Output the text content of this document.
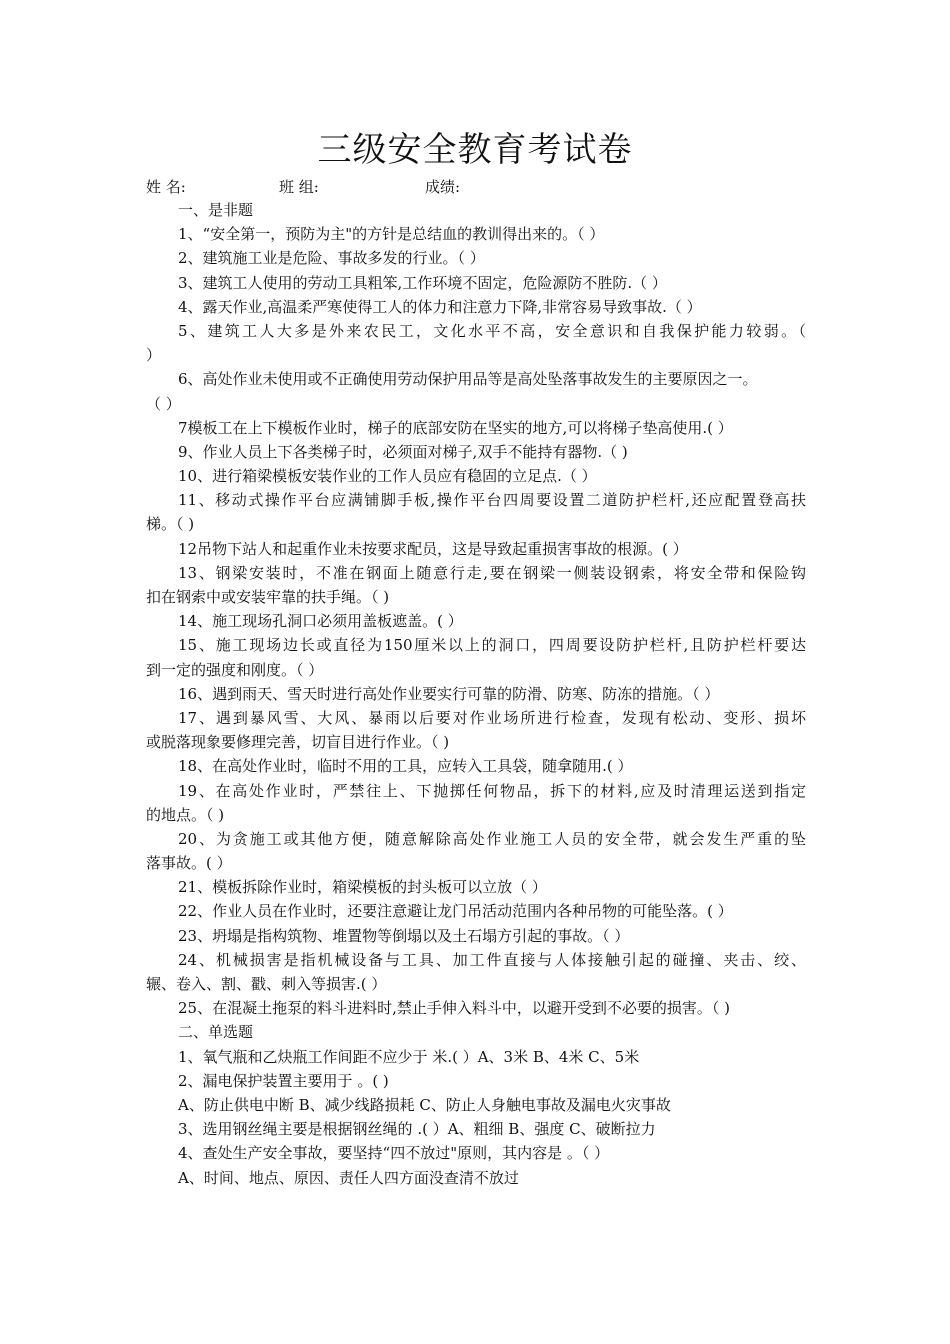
三级安全教育考试卷
姓 名:	班 组:	成绩:
一、是非题
1、“安全第一，预防为主"的方针是总结血的教训得出来的。（ ）
2、建筑施工业是危险、事故多发的行业。（ ）
3、建筑工人使用的劳动工具粗笨,工作环境不固定，危险源防不胜防.（ ）
4、露天作业,高温柔严寒使得工人的体力和注意力下降,非常容易导致事故.（ ）
5、建筑工人大多是外来农民工，文化水平不高，安全意识和自我保护能力较弱。（
）
6、高处作业未使用或不正确使用劳动保护用品等是高处坠落事故发生的主要原因之一。
（ ）
7模板工在上下模板作业时，梯子的底部安防在坚实的地方,可以将梯子垫高使用.( ）
9、作业人员上下各类梯子时，必须面对梯子,双手不能持有器物.（ )
10、进行箱梁模板安装作业的工作人员应有稳固的立足点.（ ）
11、移动式操作平台应满铺脚手板,操作平台四周要设置二道防护栏杆,还应配置登高扶
梯。（ )
12吊物下站人和起重作业未按要求配员，这是导致起重损害事故的根源。( ）
13、钢梁安装时，不准在钢面上随意行走,要在钢梁一侧装设钢索，将安全带和保险钩
扣在钢索中或安装牢靠的扶手绳。（ )
14、施工现场孔洞口必须用盖板遮盖。( ）
15、施工现场边长或直径为150厘米以上的洞口，四周要设防护栏杆,且防护栏杆要达
到一定的强度和刚度。（ ）
16、遇到雨天、雪天时进行高处作业要实行可靠的防滑、防寒、防冻的措施。（ ）
17、遇到暴风雪、大风、暴雨以后要对作业场所进行检查，发现有松动、变形、损坏
或脱落现象要修理完善，切盲目进行作业。（ )
18、在高处作业时，临时不用的工具，应转入工具袋，随拿随用.( ）
19、在高处作业时，严禁往上、下抛掷任何物品，拆下的材料,应及时清理运送到指定
的地点。（ )
20、为贪施工或其他方便，随意解除高处作业施工人员的安全带，就会发生严重的坠
落事故。( ）
21、模板拆除作业时，箱梁模板的封头板可以立放（ ）
22、作业人员在作业时，还要注意避让龙门吊活动范围内各种吊物的可能坠落。( ）
23、坍塌是指构筑物、堆置物等倒塌以及土石塌方引起的事故。（ ）
24、机械损害是指机械设备与工具、加工件直接与人体接触引起的碰撞、夹击、绞、
辗、卷入、割、戳、刺入等损害.( ）
25、在混凝土拖泵的料斗进料时,禁止手伸入料斗中，以避开受到不必要的损害。（ )
二、单选题
1、氧气瓶和乙炔瓶工作间距不应少于 米.( ）A、3米 B、4米 C、5米
2、漏电保护装置主要用于 。( )
A、防止供电中断 B、减少线路损耗 C、防止人身触电事故及漏电火灾事故
3、选用钢丝绳主要是根据钢丝绳的 .( ）A、粗细 B、强度 C、破断拉力
4、查处生产安全事故，要坚持“四不放过"原则，其内容是 。（ ）
A、时间、地点、原因、责任人四方面没查清不放过
